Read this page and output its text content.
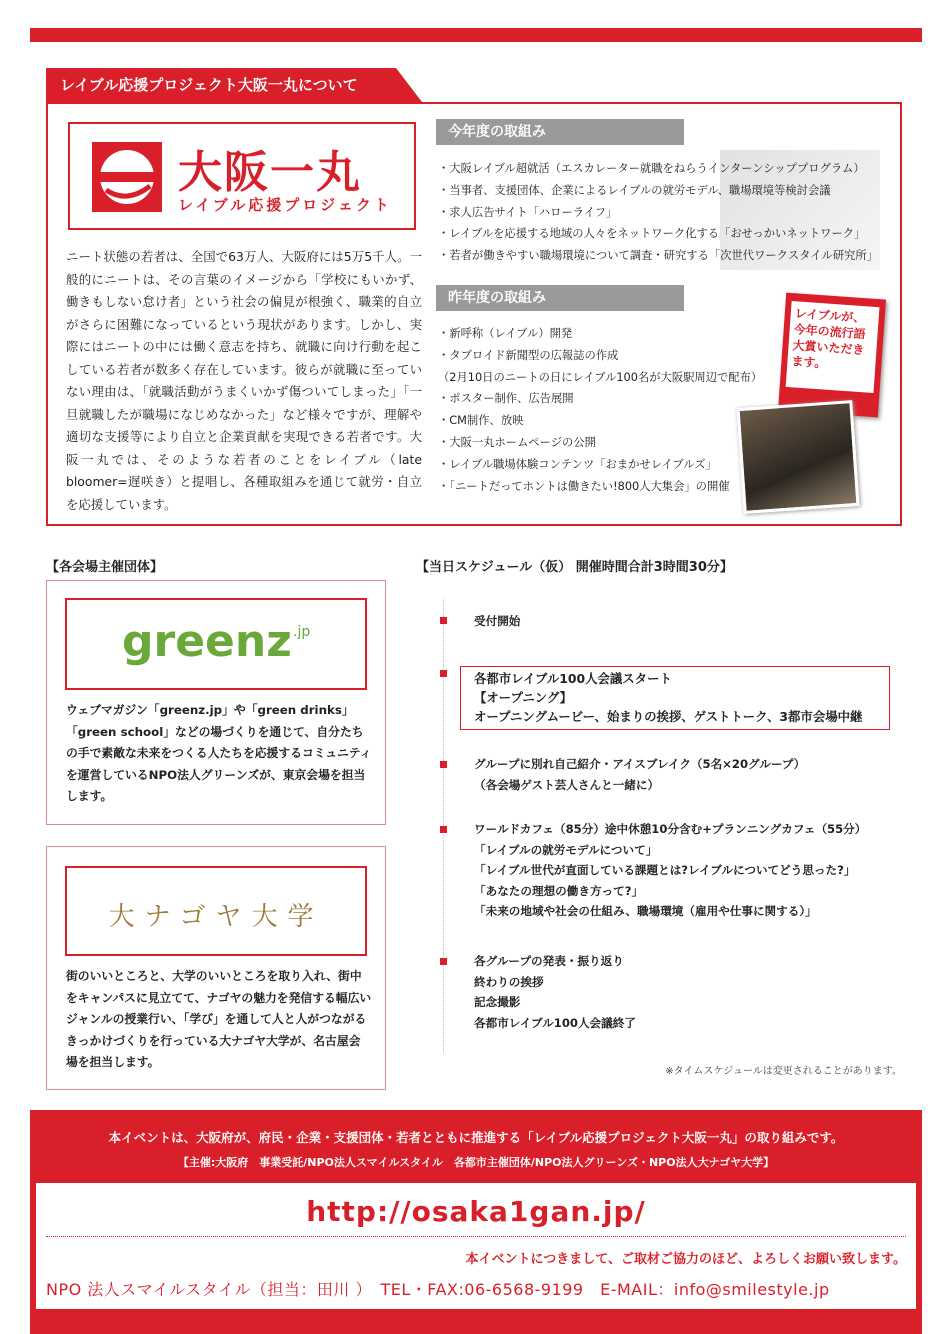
レイブル応援プロジェクト大阪一丸について
大阪一丸
レイブル応援プロジェクト
ニート状態の若者は、全国で63万人、大阪府には5万5千人。一般的にニートは、その言葉のイメージから「学校にもいかず、働きもしない怠け者」という社会の偏見が根強く、職業的自立がさらに困難になっているという現状があります。しかし、実際にはニートの中には働く意志を持ち、就職に向け行動を起こしている若者が数多く存在しています。彼らが就職に至っていない理由は、「就職活動がうまくいかず傷ついてしまった」「一旦就職したが職場になじめなかった」など様々ですが、理解や適切な支援等により自立と企業貢献を実現できる若者です。大阪一丸では、そのような若者のことをレイブル（late bloomer=遅咲き）と提唱し、各種取組みを通じて就労・自立を応援しています。
今年度の取組み
・大阪レイブル超就活（エスカレーター就職をねらうインターンシッププログラム）
・当事者、支援団体、企業によるレイブルの就労モデル、職場環境等検討会議
・求人広告サイト「ハローライフ」
・レイブルを応援する地域の人々をネットワーク化する「おせっかいネットワーク」
・若者が働きやすい職場環境について調査・研究する「次世代ワークスタイル研究所」
昨年度の取組み
・新呼称（レイブル）開発
・タブロイド新聞型の広報誌の作成
（2月10日のニートの日にレイブル100名が大阪駅周辺で配布）
・ポスター制作、広告展開
・CM制作、放映
・大阪一丸ホームページの公開
・レイブル職場体験コンテンツ「おまかせレイブルズ」
・「ニートだってホントは働きたい!800人大集会」の開催
レイブルが、今年の流行語大賞いただきます。
【各会場主催団体】
greenz .jp
ウェブマガジン「greenz.jp」や「green drinks」「green school」などの場づくりを通じて、自分たちの手で素敵な未来をつくる人たちを応援するコミュニティを運営しているNPO法人グリーンズが、東京会場を担当します。
大ナゴヤ大学
街のいいところと、大学のいいところを取り入れ、街中をキャンパスに見立てて、ナゴヤの魅力を発信する幅広いジャンルの授業行い、「学び」を通して人と人がつながるきっかけづくりを行っている大ナゴヤ大学が、名古屋会場を担当します。
【当日スケジュール（仮） 開催時間合計3時間30分】
受付開始
各都市レイブル100人会議スタート
【オープニング】
オープニングムービー、始まりの挨拶、ゲストトーク、3都市会場中継
グループに別れ自己紹介・アイスブレイク（5名×20グループ）
（各会場ゲスト芸人さんと一緒に）
ワールドカフェ（85分）途中休憩10分含む+プランニングカフェ（55分）
「レイブルの就労モデルについて」
「レイブル世代が直面している課題とは?レイブルについてどう思った?」
「あなたの理想の働き方って?」
「未来の地域や社会の仕組み、職場環境（雇用や仕事に関する）」
各グループの発表・振り返り
終わりの挨拶
記念撮影
各都市レイブル100人会議終了
※タイムスケジュールは変更されることがあります。
本イベントは、大阪府が、府民・企業・支援団体・若者とともに推進する「レイブル応援プロジェクト大阪一丸」の取り組みです。
【主催:大阪府　事業受託/NPO法人スマイルスタイル　各都市主催団体/NPO法人グリーンズ・NPO法人大ナゴヤ大学】
http://osaka1gan.jp/
本イベントにつきまして、ご取材ご協力のほど、よろしくお願い致します。
NPO 法人スマイルスタイル（担当：田川 ）　TEL・FAX:06-6568-9199　E-MAIL：info@smilestyle.jp
